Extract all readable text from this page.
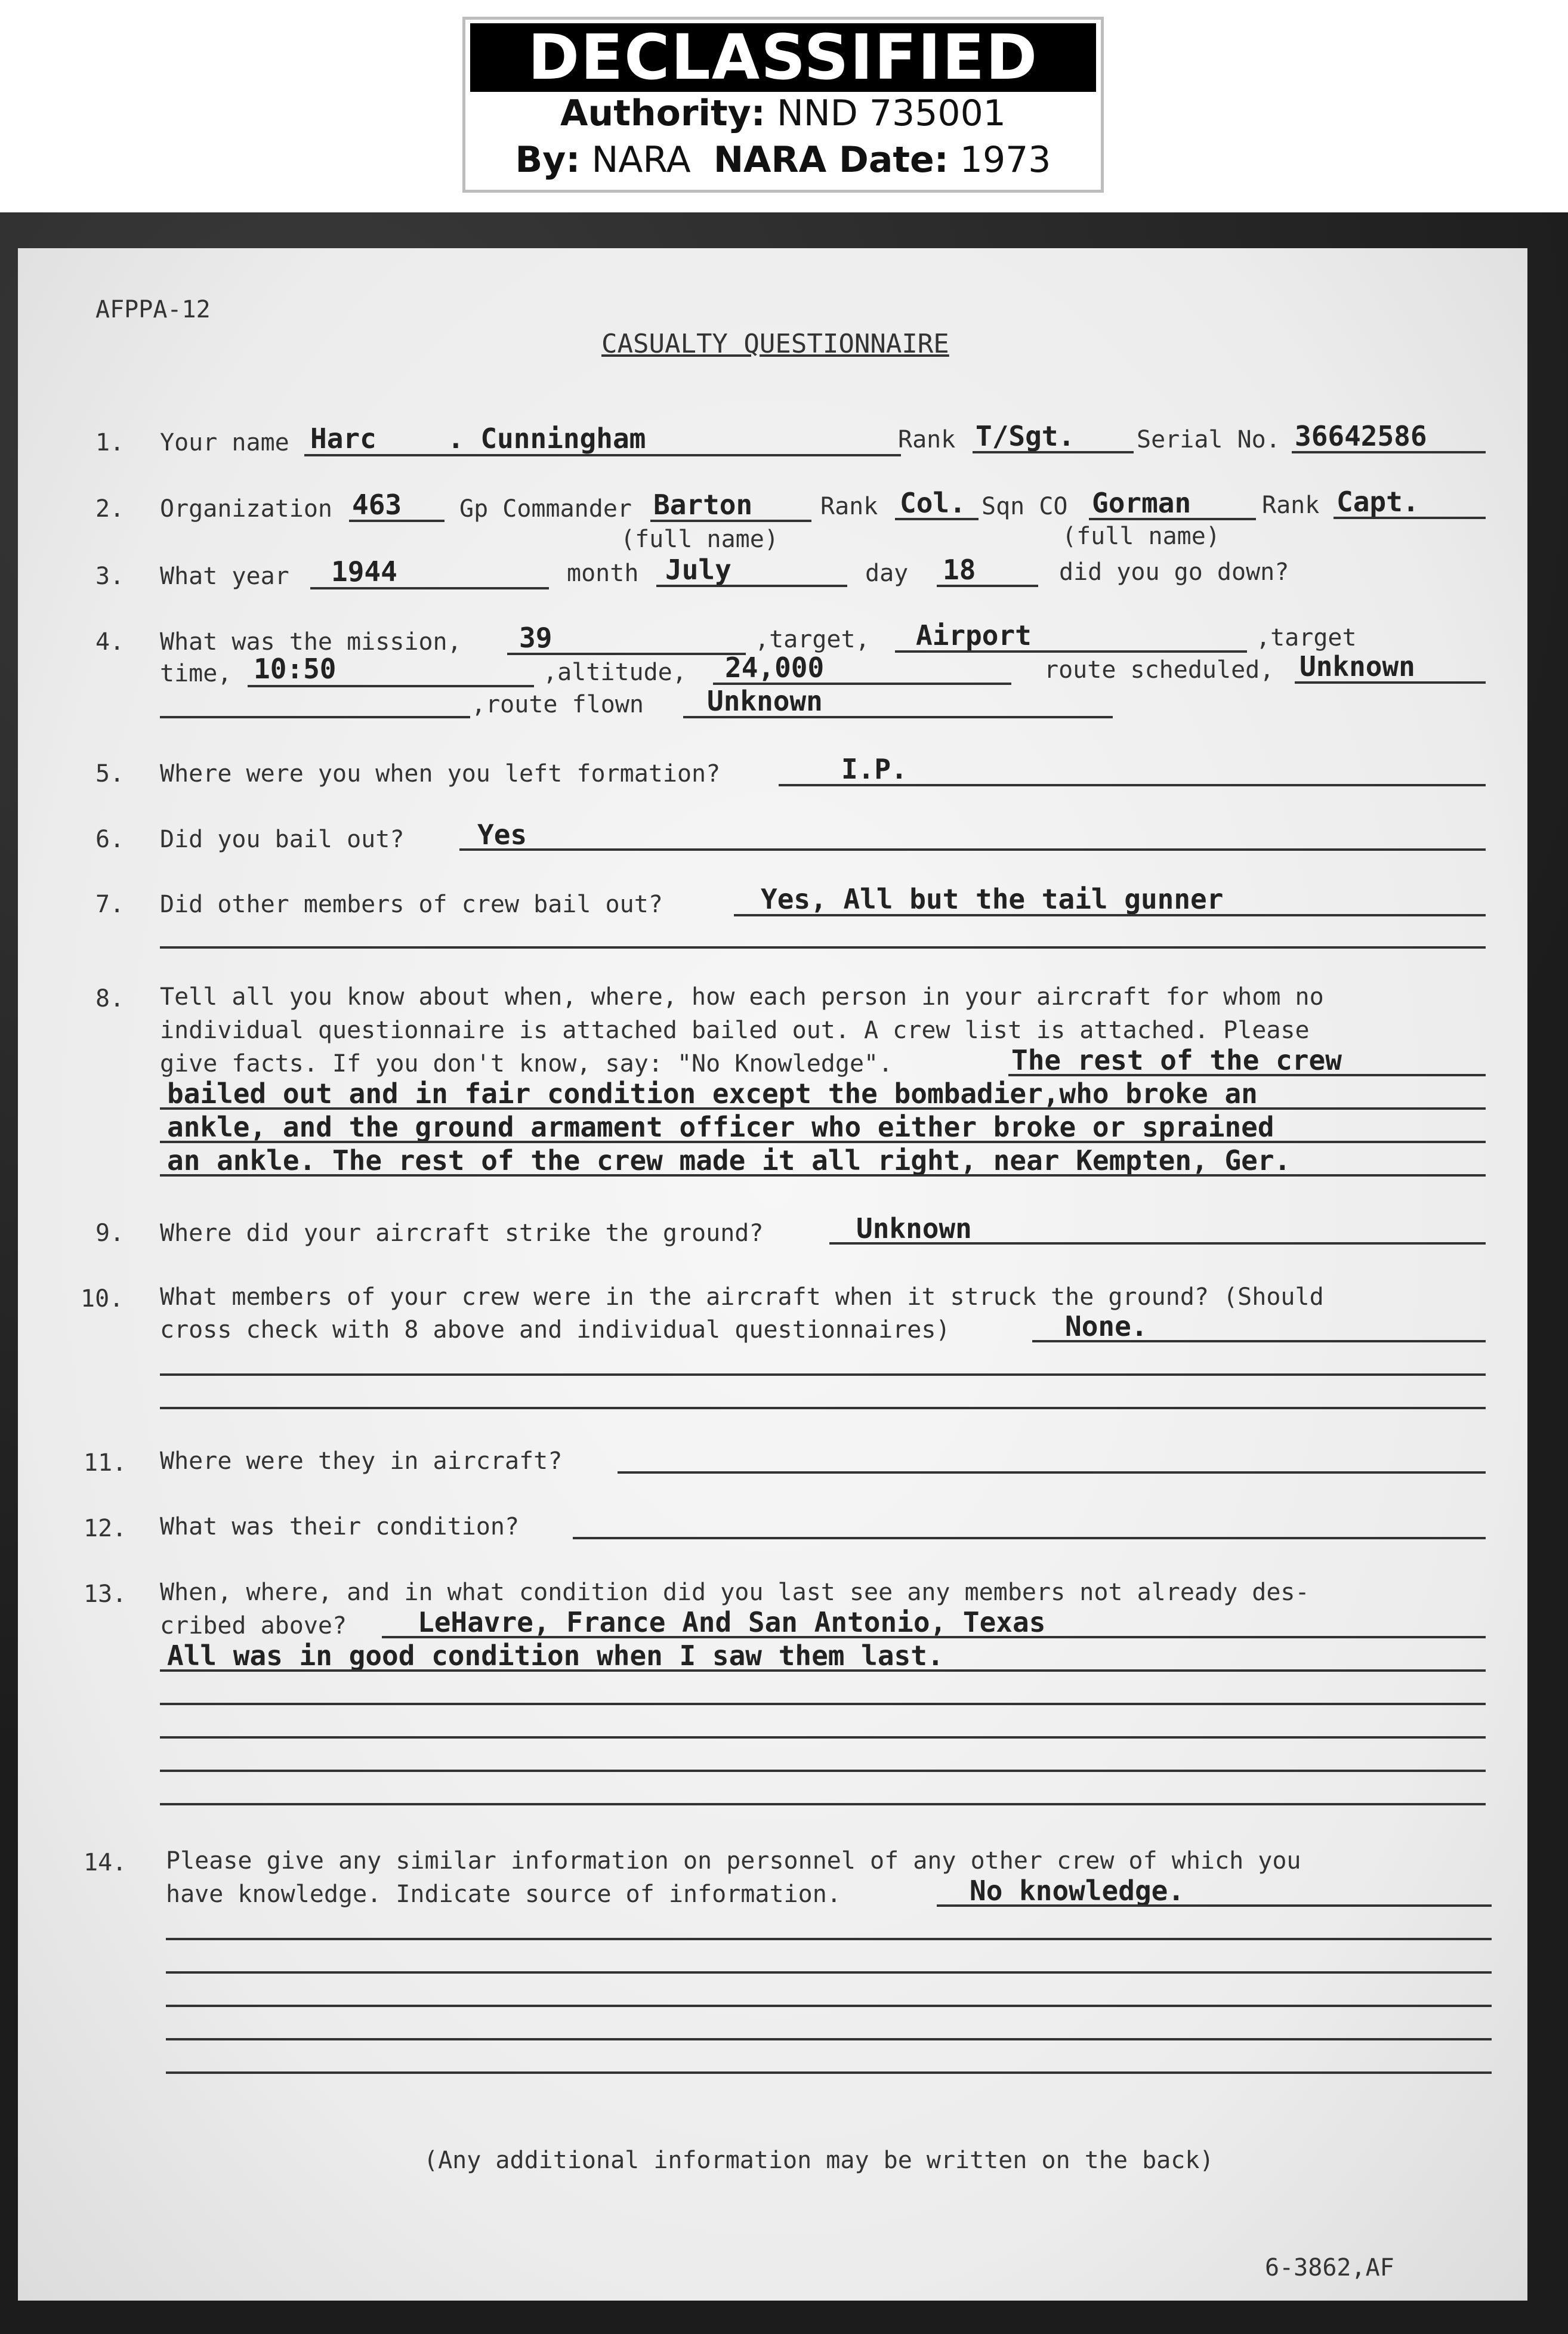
DECLASSIFIED
Authority: NND 735001
By: NARA NARA Date: 1973
AFPPA-12
CASUALTY QUESTIONNAIRE
1. Your name Harc	. Cunningham	Rank T/Sgt.	Serial No. 36642586
2. Organization 463 Gp Commander Barton	Rank Col. Sqn CO Gorman	Rank Capt.
(full name)	(full name)
3. What year 1944	month July	day 18	did you go down?
4. What was the mission, 39	,target, Airport	,target
time, 10:50	,altitude, 24,000	route scheduled, Unknown
,route flown Unknown
5. Where were you when you left formation?	I.P.
6. Did you bail out?	Yes
7. Did other members of crew bail out?	Yes, All but the tail gunner
8. Tell all you know about when, where, how each person in your aircraft for whom no
individual questionnaire is attached bailed out. A crew list is attached. Please
give facts. If you don't know, say: "No Knowledge".	The rest of the crew
bailed out and in fair condition except the bombadier,who broke an
ankle, and the ground armament officer who either broke or sprained
an ankle. The rest of the crew made it all right, near Kempten, Ger.
9. Where did your aircraft strike the ground?	Unknown
10. What members of your crew were in the aircraft when it struck the ground? (Should
cross check with 8 above and individual questionnaires)	None.
11. Where were they in aircraft?
12. What was their condition?
13. When, where, and in what condition did you last see any members not already des-
cribed above?	LeHavre, France And San Antonio, Texas
All was in good condition when I saw them last.
14. Please give any similar information on personnel of any other crew of which you
have knowledge. Indicate source of information.	No knowledge.
(Any additional information may be written on the back)
6-3862,AF
